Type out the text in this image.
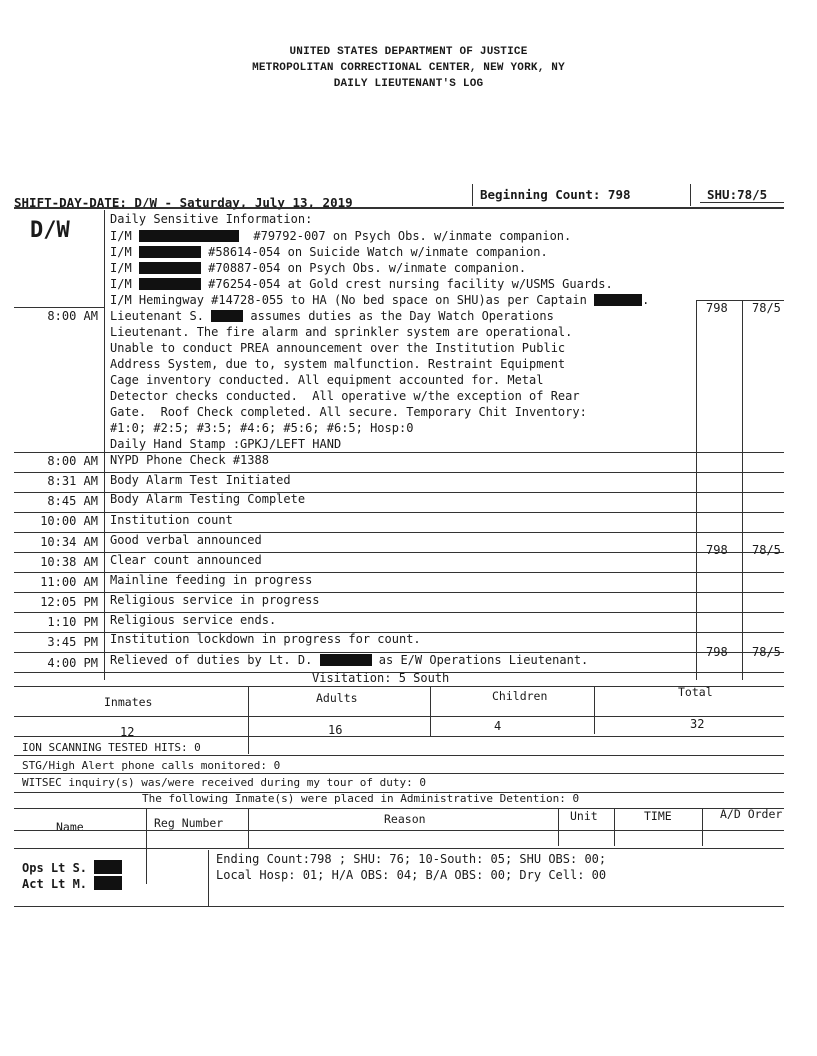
UNITED STATES DEPARTMENT OF JUSTICE
METROPOLITAN CORRECTIONAL CENTER, NEW YORK, NY
DAILY LIEUTENANT'S LOG
SHIFT-DAY-DATE: D/W - Saturday, July 13, 2019
Beginning Count: 798	SHU:78/5
D/W	Daily Sensitive Information:
I/M	#79792-007 on Psych Obs. w/inmate companion.
I/M	#58614-054 on Suicide Watch w/inmate companion.
I/M	#70887-054 on Psych Obs. w/inmate companion.
I/M	#76254-054 at Gold crest nursing facility w/USMS Guards.
I/M Hemingway #14728-055 to HA (No bed space on SHU)as per Captain	.
8:00 AM Lieutenant S.	assumes duties as the Day Watch Operations
Lieutenant. The fire alarm and sprinkler system are operational.
Unable to conduct PREA announcement over the Institution Public
Address System, due to, system malfunction. Restraint Equipment
Cage inventory conducted. All equipment accounted for. Metal
Detector checks conducted.  All operative w/the exception of Rear
Gate.  Roof Check completed. All secure. Temporary Chit Inventory:
#1:0; #2:5; #3:5; #4:6; #5:6; #6:5; Hosp:0
Daily Hand Stamp :GPKJ/LEFT HAND
798 78/5
8:00 AM NYPD Phone Check #1388
8:31 AM Body Alarm Test Initiated
8:45 AM Body Alarm Testing Complete
10:00 AM Institution count
10:34 AM Good verbal announced
10:38 AM Clear count announced
798 78/5
11:00 AM Mainline feeding in progress
12:05 PM Religious service in progress
1:10 PM Religious service ends.
3:45 PM Institution lockdown in progress for count.
4:00 PM Relieved of duties by Lt. D.	as E/W Operations Lieutenant.
798 78/5
Visitation: 5 South
Inmates	Adults	Children	Total
12	16	4	32
ION SCANNING TESTED HITS: 0
STG/High Alert phone calls monitored: 0
WITSEC inquiry(s) was/were received during my tour of duty: 0
The following Inmate(s) were placed in Administrative Detention: 0
Name	Reg Number	Reason	Unit	TIME	A/D Order
Ops Lt S.
Act Lt M.
Ending Count:798 ; SHU: 76; 10-South: 05; SHU OBS: 00;
Local Hosp: 01; H/A OBS: 04; B/A OBS: 00; Dry Cell: 00
